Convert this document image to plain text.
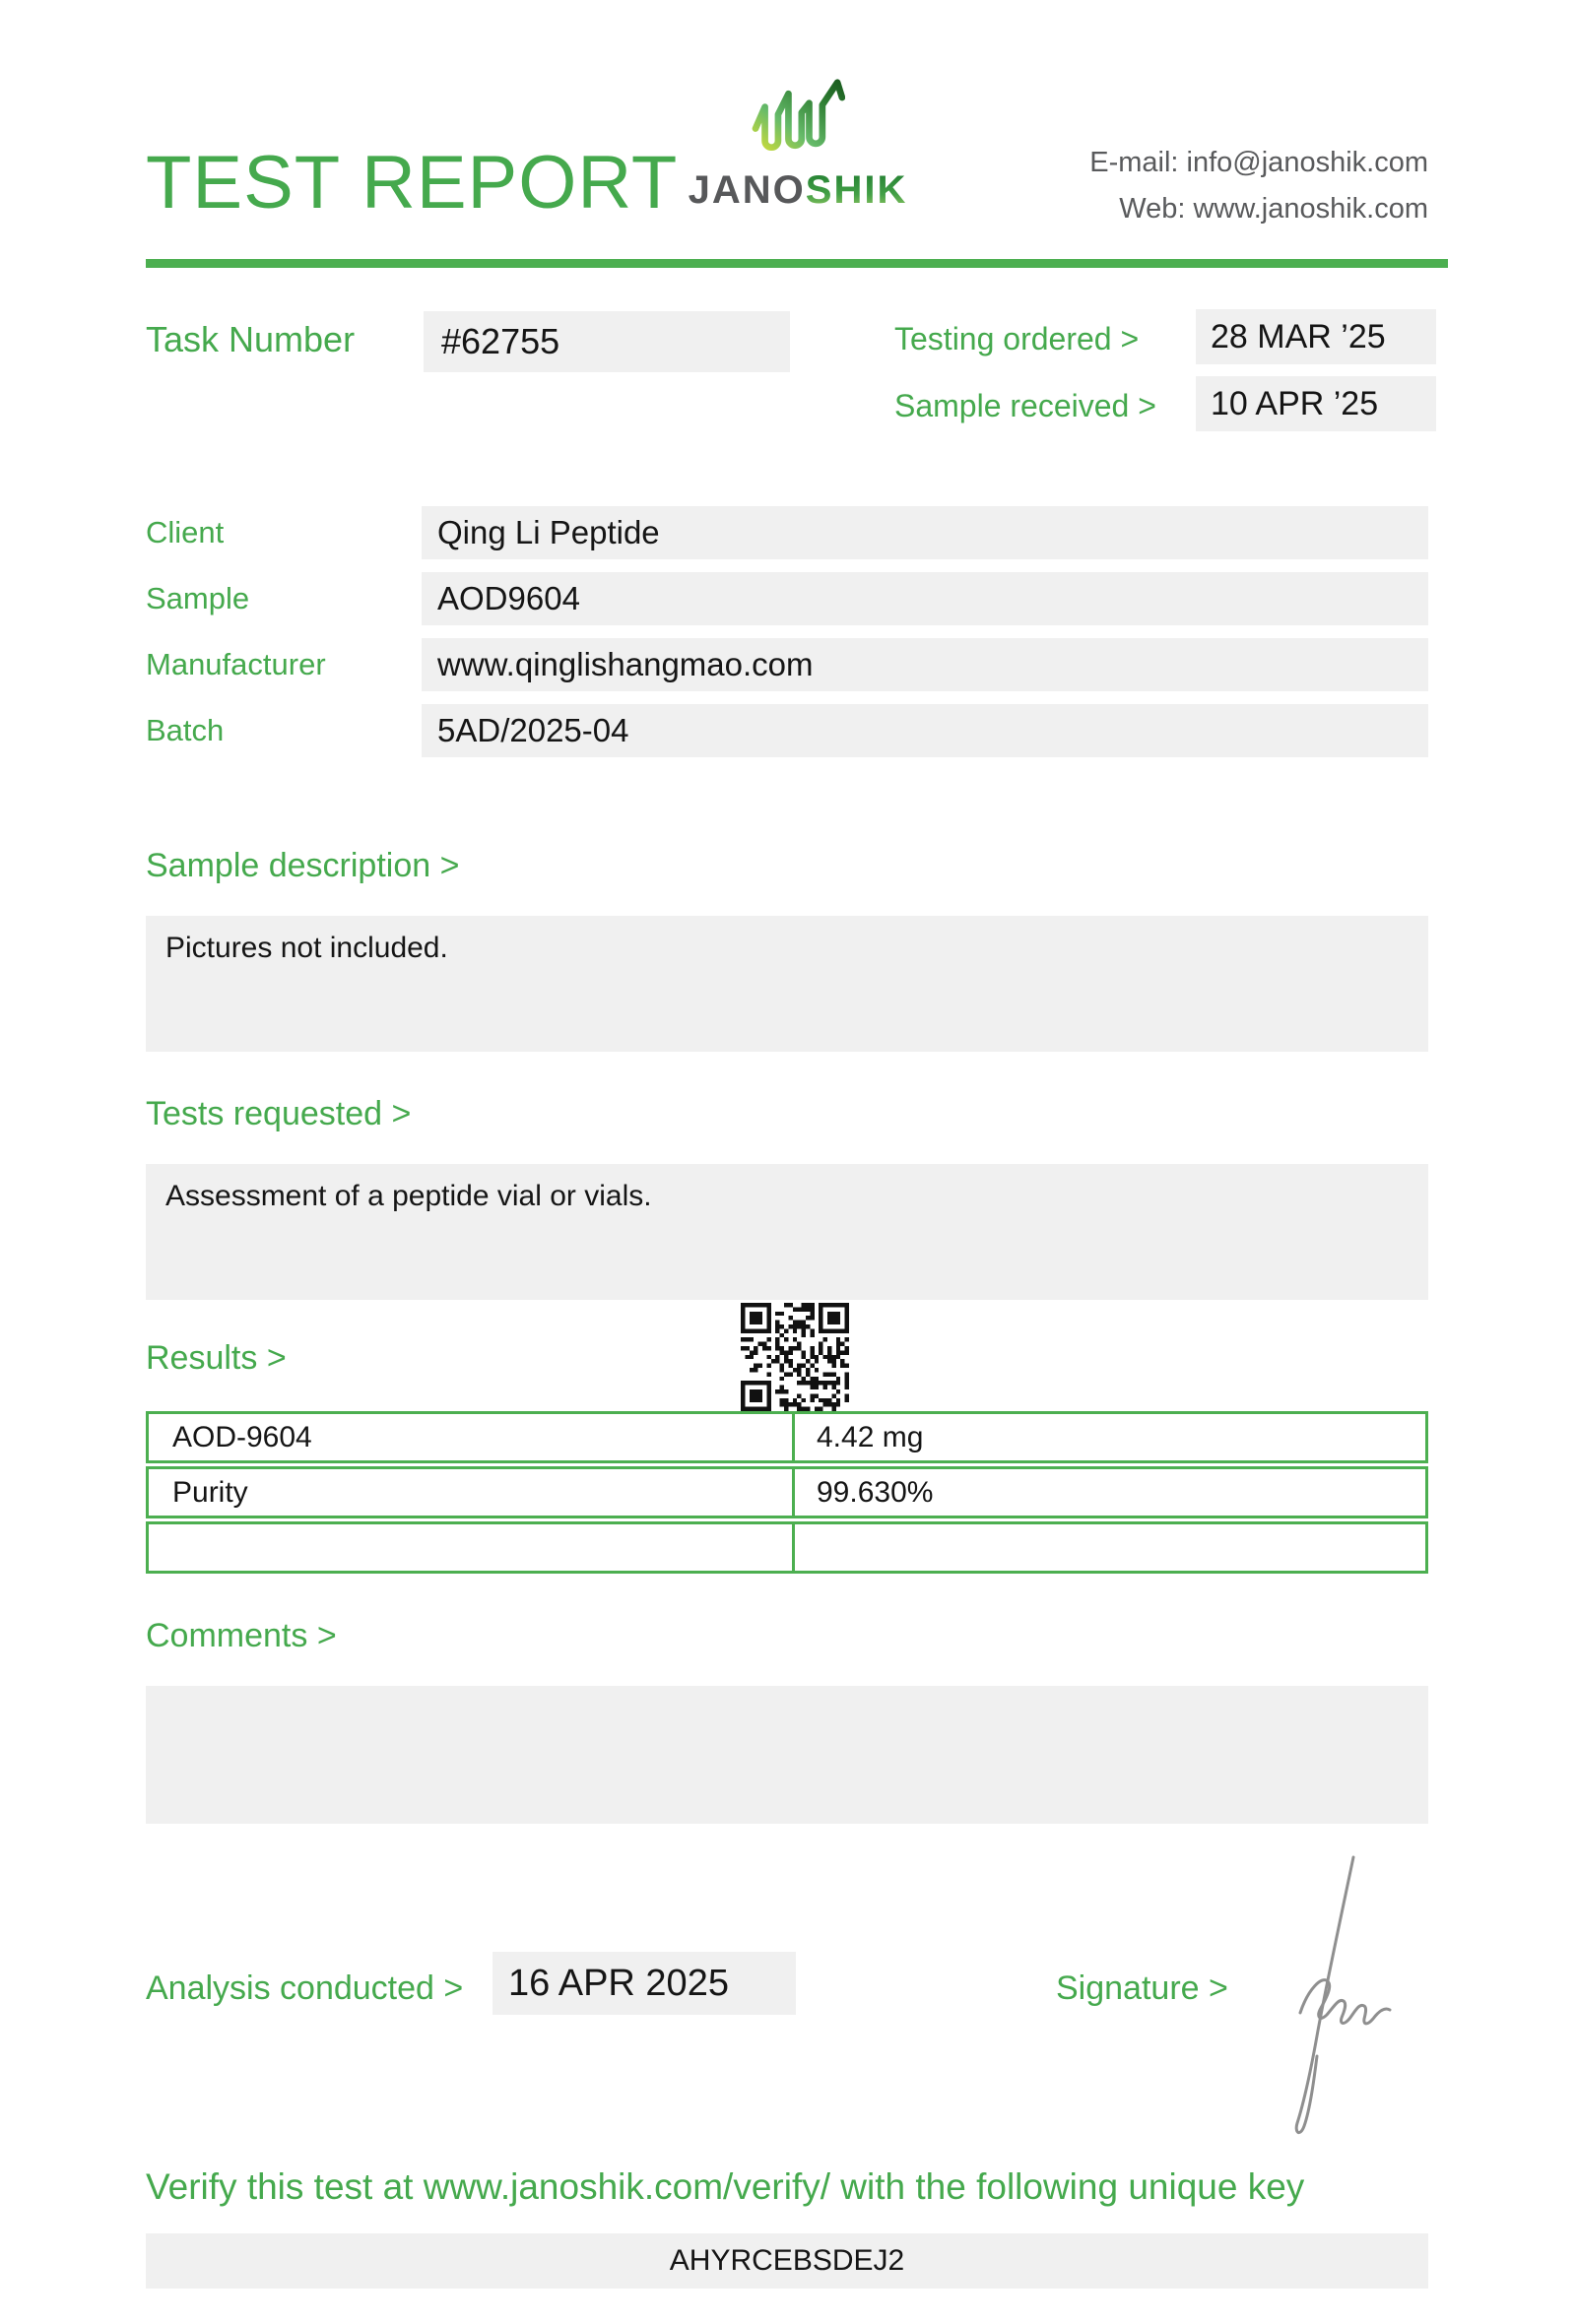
TEST REPORT JANOSHIK
E-mail: info@janoshik.com
Web: www.janoshik.com
Task Number	#62755	Testing ordered >	28 MAR ’25
Sample received >	10 APR ’25
Client	Qing Li Peptide
Sample	AOD9604
Manufacturer	www.qinglishangmao.com
Batch	5AD/2025-04
Sample description >
Pictures not included.
Tests requested >
Assessment of a peptide vial or vials.
Results >
AOD-9604	4.42 mg
Purity	99.630%
Comments >
Analysis conducted >	16 APR 2025	Signature >
Verify this test at www.janoshik.com/verify/ with the following unique key
AHYRCEBSDEJ2
